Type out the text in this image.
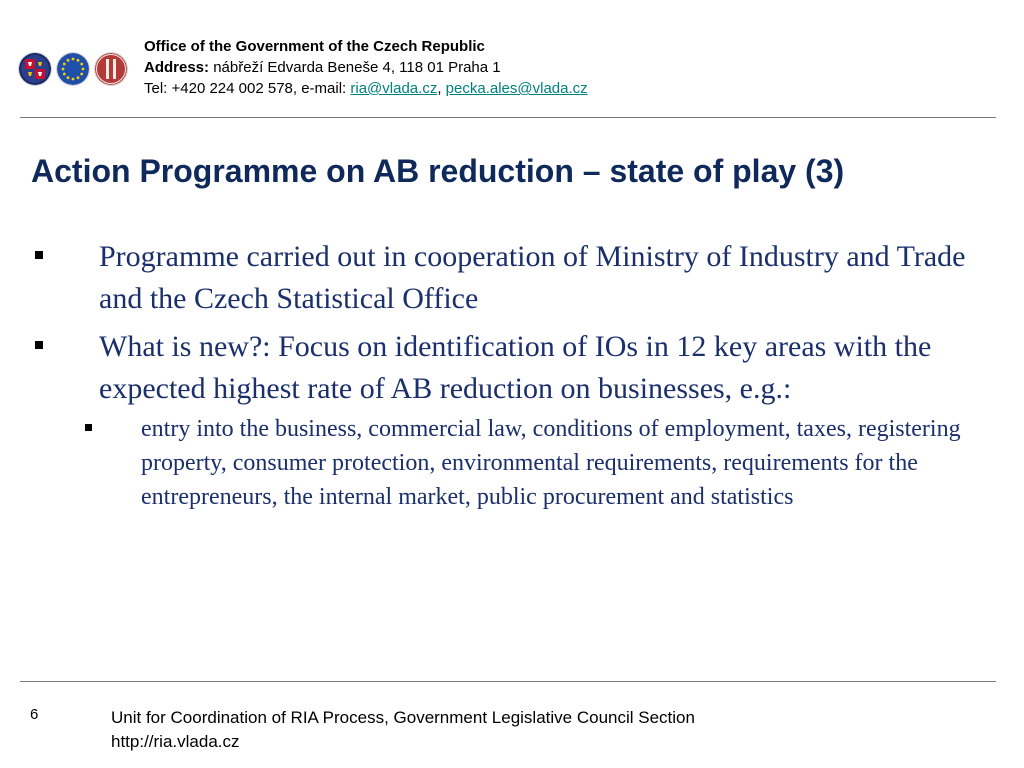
Office of the Government of the Czech Republic
Address: nábřeží Edvarda Beneše 4, 118 01 Praha 1
Tel: +420 224 002 578, e-mail: ria@vlada.cz, pecka.ales@vlada.cz
Action Programme on AB reduction – state of play (3)
Programme carried out in cooperation of Ministry of Industry and Trade and the Czech Statistical Office
What is new?: Focus on identification of IOs in 12 key areas with the expected highest rate of AB reduction on businesses, e.g.:
entry into the business, commercial law, conditions of employment, taxes, registering property, consumer protection, environmental requirements, requirements for the entrepreneurs, the internal market, public procurement and statistics
6	Unit for Coordination of RIA Process, Government Legislative Council Section
http://ria.vlada.cz
